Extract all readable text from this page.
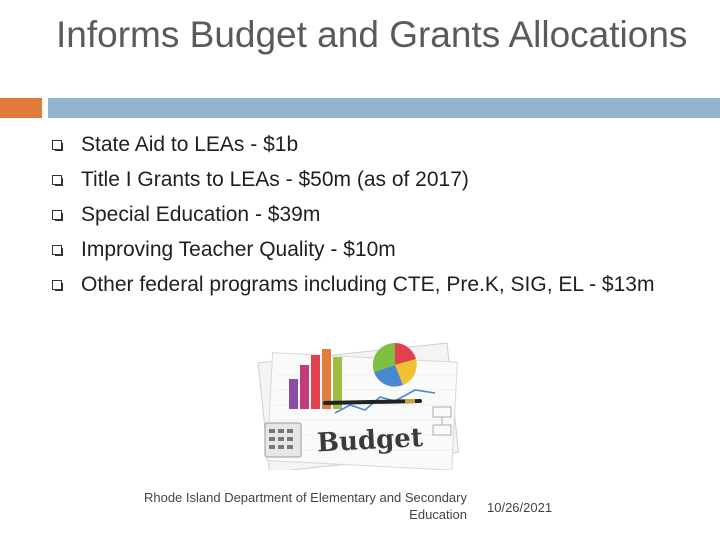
Informs Budget and Grants Allocations
State Aid to LEAs - $1b
Title I Grants to LEAs - $50m (as of 2017)
Special Education - $39m
Improving Teacher Quality - $10m
Other federal programs including CTE, Pre.K, SIG, EL - $13m
Budget
Rhode Island Department of Elementary and Secondary Education 10/26/2021
